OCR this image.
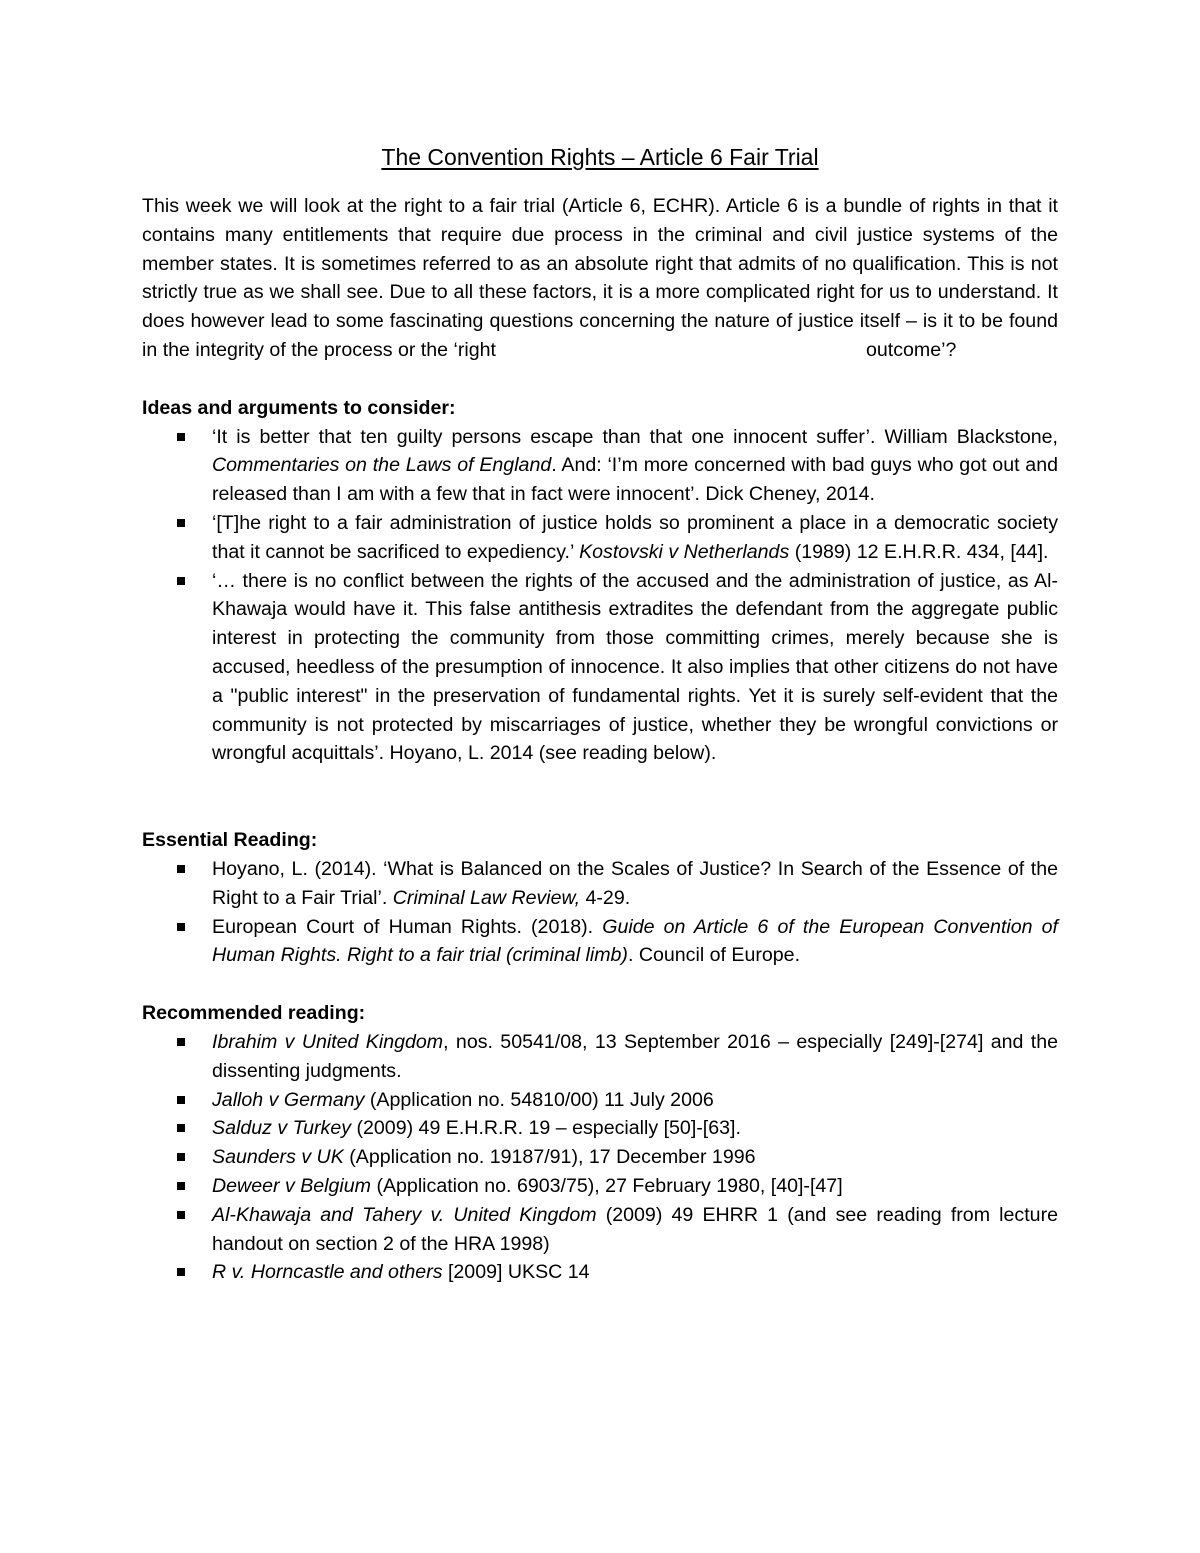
The Convention Rights – Article 6 Fair Trial

This week we will look at the right to a fair trial (Article 6, ECHR). Article 6 is a bundle of rights in that it contains many entitlements that require due process in the criminal and civil justice systems of the member states. It is sometimes referred to as an absolute right that admits of no qualification. This is not strictly true as we shall see. Due to all these factors, it is a more complicated right for us to understand. It does however lead to some fascinating questions concerning the nature of justice itself – is it to be found in the integrity of the process or the ‘right	outcome’?

Ideas and arguments to consider:

‘It is better that ten guilty persons escape than that one innocent suffer’. William Blackstone, Commentaries on the Laws of England. And: ‘I’m more concerned with bad guys who got out and released than I am with a few that in fact were innocent’. Dick Cheney, 2014.
‘[T]he right to a fair administration of justice holds so prominent a place in a democratic society that it cannot be sacrificed to expediency.’ Kostovski v Netherlands (1989) 12 E.H.R.R. 434, [44].
‘… there is no conflict between the rights of the accused and the administration of justice, as Al-Khawaja would have it. This false antithesis extradites the defendant from the aggregate public interest in protecting the community from those committing crimes, merely because she is accused, heedless of the presumption of innocence. It also implies that other citizens do not have a "public interest" in the preservation of fundamental rights. Yet it is surely self-evident that the community is not protected by miscarriages of justice, whether they be wrongful convictions or wrongful acquittals’. Hoyano, L. 2014 (see reading below).

Essential Reading:

Hoyano, L. (2014). ‘What is Balanced on the Scales of Justice? In Search of the Essence of the Right to a Fair Trial’. Criminal Law Review, 4-29.
European Court of Human Rights. (2018). Guide on Article 6 of the European Convention of Human Rights. Right to a fair trial (criminal limb). Council of Europe.

Recommended reading:

Ibrahim v United Kingdom, nos. 50541/08, 13 September 2016 – especially [249]-[274] and the dissenting judgments.
Jalloh v Germany (Application no. 54810/00) 11 July 2006
Salduz v Turkey (2009) 49 E.H.R.R. 19 – especially [50]-[63].
Saunders v UK (Application no. 19187/91), 17 December 1996
Deweer v Belgium (Application no. 6903/75), 27 February 1980, [40]-[47]
Al-Khawaja and Tahery v. United Kingdom (2009) 49 EHRR 1 (and see reading from lecture handout on section 2 of the HRA 1998)
R v. Horncastle and others [2009] UKSC 14
